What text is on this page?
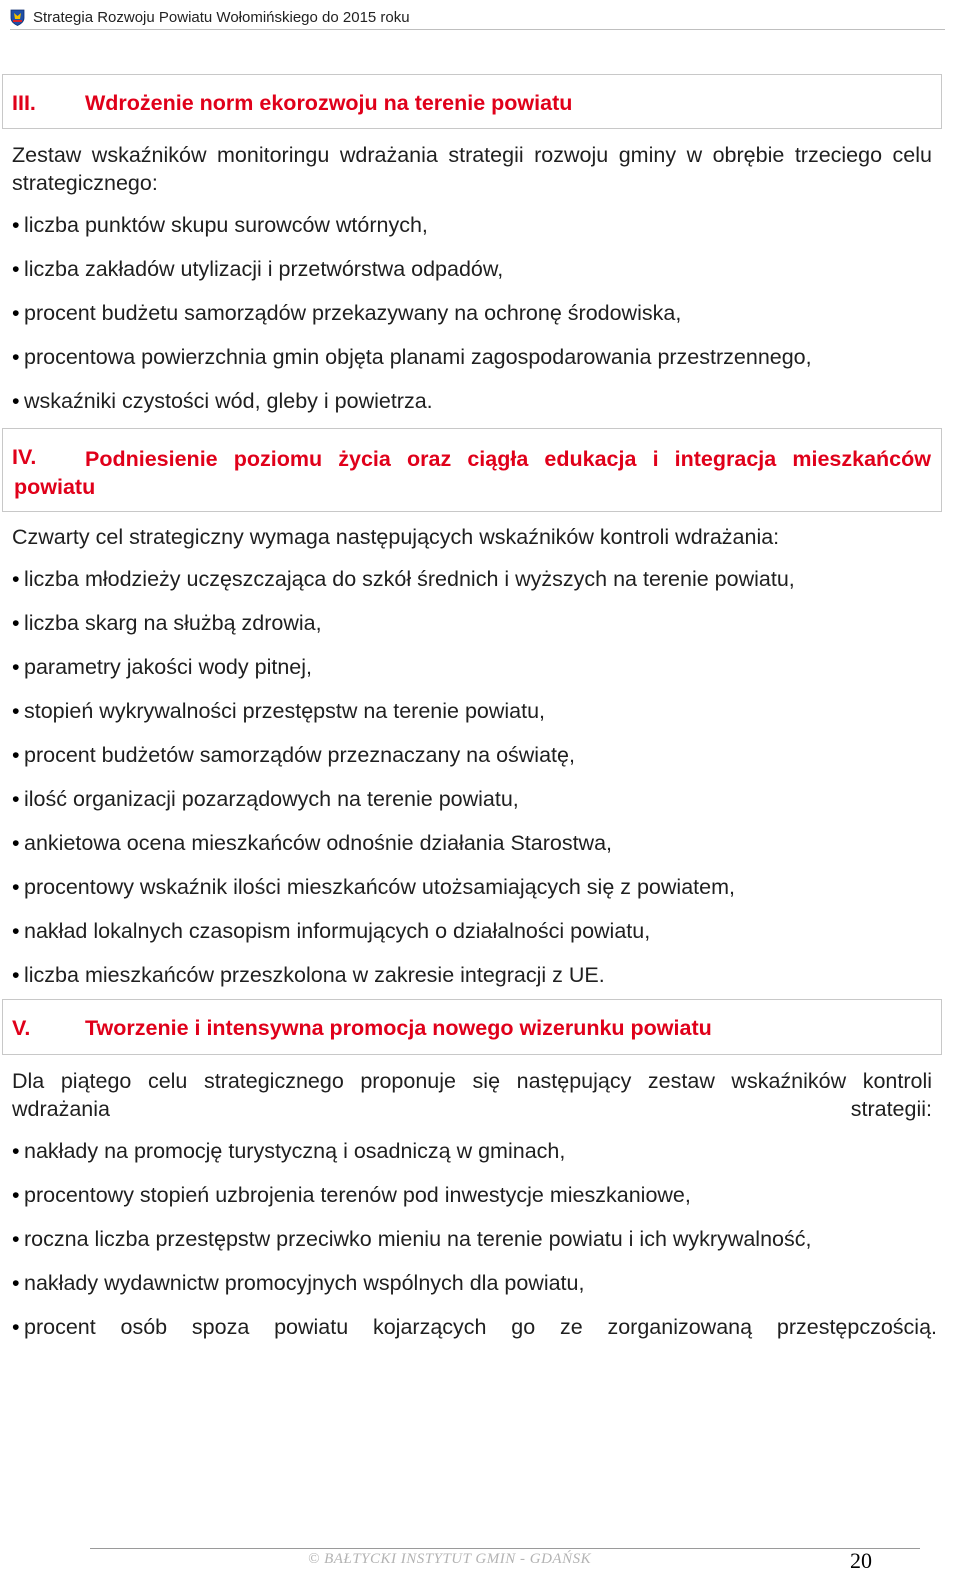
Strategia Rozwoju Powiatu Wołomińskiego do 2015 roku
III. Wdrożenie norm ekorozwoju na terenie powiatu
Zestaw wskaźników monitoringu wdrażania strategii rozwoju gminy w obrębie trzeciego celu strategicznego:
• liczba punktów skupu surowców wtórnych,
• liczba zakładów utylizacji i przetwórstwa odpadów,
• procent budżetu samorządów przekazywany na ochronę środowiska,
• procentowa powierzchnia gmin objęta planami zagospodarowania przestrzennego,
• wskaźniki czystości wód, gleby i powietrza.
IV.	Podniesienie poziomu życia oraz ciągła edukacja i integracja mieszkańców powiatu
Czwarty cel strategiczny wymaga następujących wskaźników kontroli wdrażania:
• liczba młodzieży uczęszczająca do szkół średnich i wyższych na terenie powiatu,
• liczba skarg na służbą zdrowia,
• parametry jakości wody pitnej,
• stopień wykrywalności przestępstw na terenie powiatu,
• procent budżetów samorządów przeznaczany na oświatę,
• ilość organizacji pozarządowych na terenie powiatu,
• ankietowa ocena mieszkańców odnośnie działania Starostwa,
• procentowy wskaźnik ilości mieszkańców utożsamiających się z powiatem,
• nakład lokalnych czasopism informujących o działalności powiatu,
• liczba mieszkańców przeszkolona w zakresie integracji z UE.
V.	Tworzenie i intensywna promocja nowego wizerunku powiatu
Dla piątego celu strategicznego proponuje się następujący zestaw wskaźników kontroli wdrażania strategii:
• nakłady na promocję turystyczną i osadniczą w gminach,
• procentowy stopień uzbrojenia terenów pod inwestycje mieszkaniowe,
• roczna liczba przestępstw przeciwko mieniu na terenie powiatu i ich wykrywalność,
• nakłady wydawnictw promocyjnych wspólnych dla powiatu,
• procent osób spoza powiatu kojarzących go ze zorganizowaną przestępczością.
© BAŁTYCKI INSTYTUT GMIN - GDAŃSK	20
